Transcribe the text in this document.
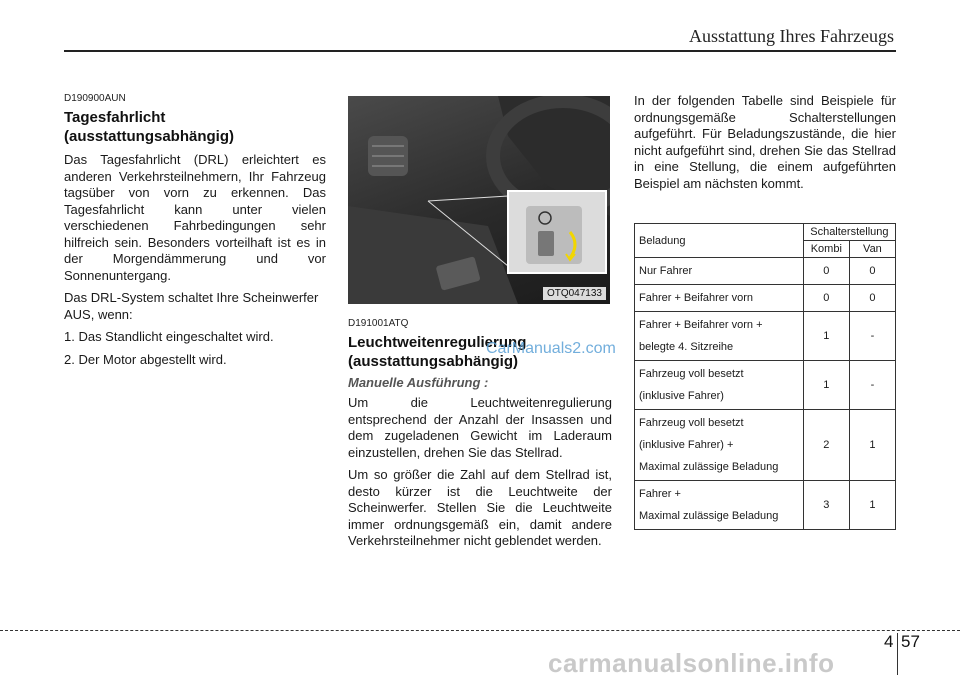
Ausstattung Ihres Fahrzeugs
D190900AUN
Tagesfahrlicht (ausstattungsabhängig)

Das Tagesfahrlicht (DRL) erleichtert es anderen Verkehrsteilnehmern, Ihr Fahrzeug tagsüber von vorn zu erkennen. Das Tagesfahrlicht kann unter vielen verschiedenen Fahrbedingungen sehr hilfreich sein. Besonders vorteilhaft ist es in der Morgendämmerung und vor Sonnenuntergang.

Das DRL-System schaltet Ihre Scheinwerfer AUS, wenn:

1. Das Standlicht eingeschaltet wird.

2. Der Motor abgestellt wird.

OTQ047133
D191001ATQ
Leuchtweitenregulierung
(ausstattungsabhängig)
Manuelle Ausführung :

Um die Leuchtweitenregulierung entsprechend der Anzahl der Insassen und dem zugeladenen Gewicht im Laderaum einzustellen, drehen Sie das Stellrad.

Um so größer die Zahl auf dem Stellrad ist, desto kürzer ist die Leuchtweite der Scheinwerfer. Stellen Sie die Leuchtweite immer ordnungsgemäß ein, damit andere Verkehrsteilnehmer nicht geblendet werden.

CarManuals2.com

In der folgenden Tabelle sind Beispiele für ordnungsgemäße Schalterstellungen aufgeführt. Für Beladungszustände, die hier nicht aufgeführt sind, drehen Sie das Stellrad in eine Stellung, die einem aufgeführten Beispiel am nächsten kommt.

Beladung	Schalterstellung	
	Kombi	Van
Nur Fahrer	0	0
Fahrer + Beifahrer vorn	0	0
Fahrer + Beifahrer vorn +
belegte 4. Sitzreihe	1	-
Fahrzeug voll besetzt
(inklusive Fahrer)	1	-
Fahrzeug voll besetzt
(inklusive Fahrer) +
Maximal zulässige Beladung	2	1
Fahrer +
Maximal zulässige Beladung	3	1
4 57
carmanualsonline.info
